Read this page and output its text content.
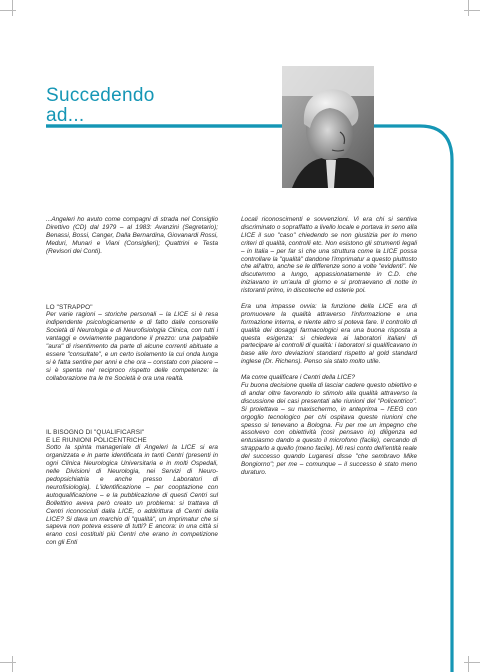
Succedendo
ad...

...Angeleri ho avuto come compagni di strada nel Consiglio Direttivo (CD) dal 1979 – al 1983: Avanzini (Segretario); Benassi, Bossi, Canger, Dalla Bernardina, Giovanardi Rossi, Meduri, Munari e Viani (Consiglieri); Quattrini e Testa (Revisori dei Conti).

LO "STRAPPO"

Per varie ragioni – storiche personali – la LICE si è resa indipendente psicologicamente e di fatto dalle consorelle Società di Neurologia e di Neurofisiologia Clinica, con tutti i vantaggi e ovviamente pagandone il prezzo: una palpabile "aura" di risentimento da parte di alcune correnti abituate a essere "consultate", e un certo isolamento la cui onda lunga si è fatta sentire per anni e che ora – constato con piacere – si è spenta nel reciproco rispetto delle competenze: la collaborazione tra le tre Società è ora una realtà.

IL BISOGNO DI "QUALIFICARSI"
E LE RIUNIONI POLICENTRICHE

Sotto la spinta manageriale di Angeleri la LICE si era organizzata e in parte identificata in tanti Centri (presenti in ogni Clinica Neurologica Universitaria e in molti Ospedali, nelle Divisioni di Neurologia, nei Servizi di Neuro-pedopsichiatria e anche presso Laboratori di neurofisiologia). L'identificazione – per cooptazione con autoqualificazione – e la pubblicazione di questi Centri sul Bollettino aveva però creato un problema: si trattava di Centri riconosciuti dalla LICE, o addirittura di Centri della LICE? Si dava un marchio di "qualità", un imprimatur che si sapeva non poteva essere di tutti? E ancora: in una città si erano così costituiti più Centri che erano in competizione con gli Enti

Locali riconoscimenti e sovvenzioni. Vi era chi si sentiva discriminato o sopraffatto a livello locale e portava in seno alla LICE il suo "caso" chiedendo se non giustizia per lo meno criteri di qualità, controlli etc. Non esistono gli strumenti legali – in Italia – per far sì che una struttura come la LICE possa controllare la "qualità" dandone l'imprimatur a questo piuttosto che all'altro, anche se le differenze sono a volte "evidenti". Ne discutemmo a lungo, appassionatamente in C.D. che iniziavano in un'aula di giorno e si protraevano di notte in ristoranti primo, in discoteche ed osterie poi.

Era una impasse ovvia: la funzione della LICE era di promuovere la qualità attraverso l'informazione e una formazione interna, e niente altro si poteva fare. Il controllo di qualità dei dosaggi farmacologici era una buona risposta a questa esigenza: si chiedeva ai laboratori italiani di partecipare ai controlli di qualità: i laboratori si qualificavano in base alle loro deviazioni standard rispetto al gold standard inglese (Dr. Richens). Penso sia stato molto utile.

Ma come qualificare i Centri della LICE?

Fu buona decisione quella di lasciar cadere questo obiettivo e di andar oltre favorendo lo stimolo alla qualità attraverso la discussione dei casi presentati alle riunioni del "Policentrico". Si proiettava – su maxischermo, in anteprima – l'EEG con orgoglio tecnologico per chi ospitava queste riunioni che spesso si tenevano a Bologna. Fu per me un impegno che assolvevo con obiettività (così pensavo io) diligenza ed entusiasmo dando a questo il microfono (facile), cercando di strapparlo a quello (meno facile). Mi resi conto dell'entità reale del successo quando Lugaresi disse "che sembravo Mike Bongiorno"; per me – comunque – il successo è stato meno duraturo.
